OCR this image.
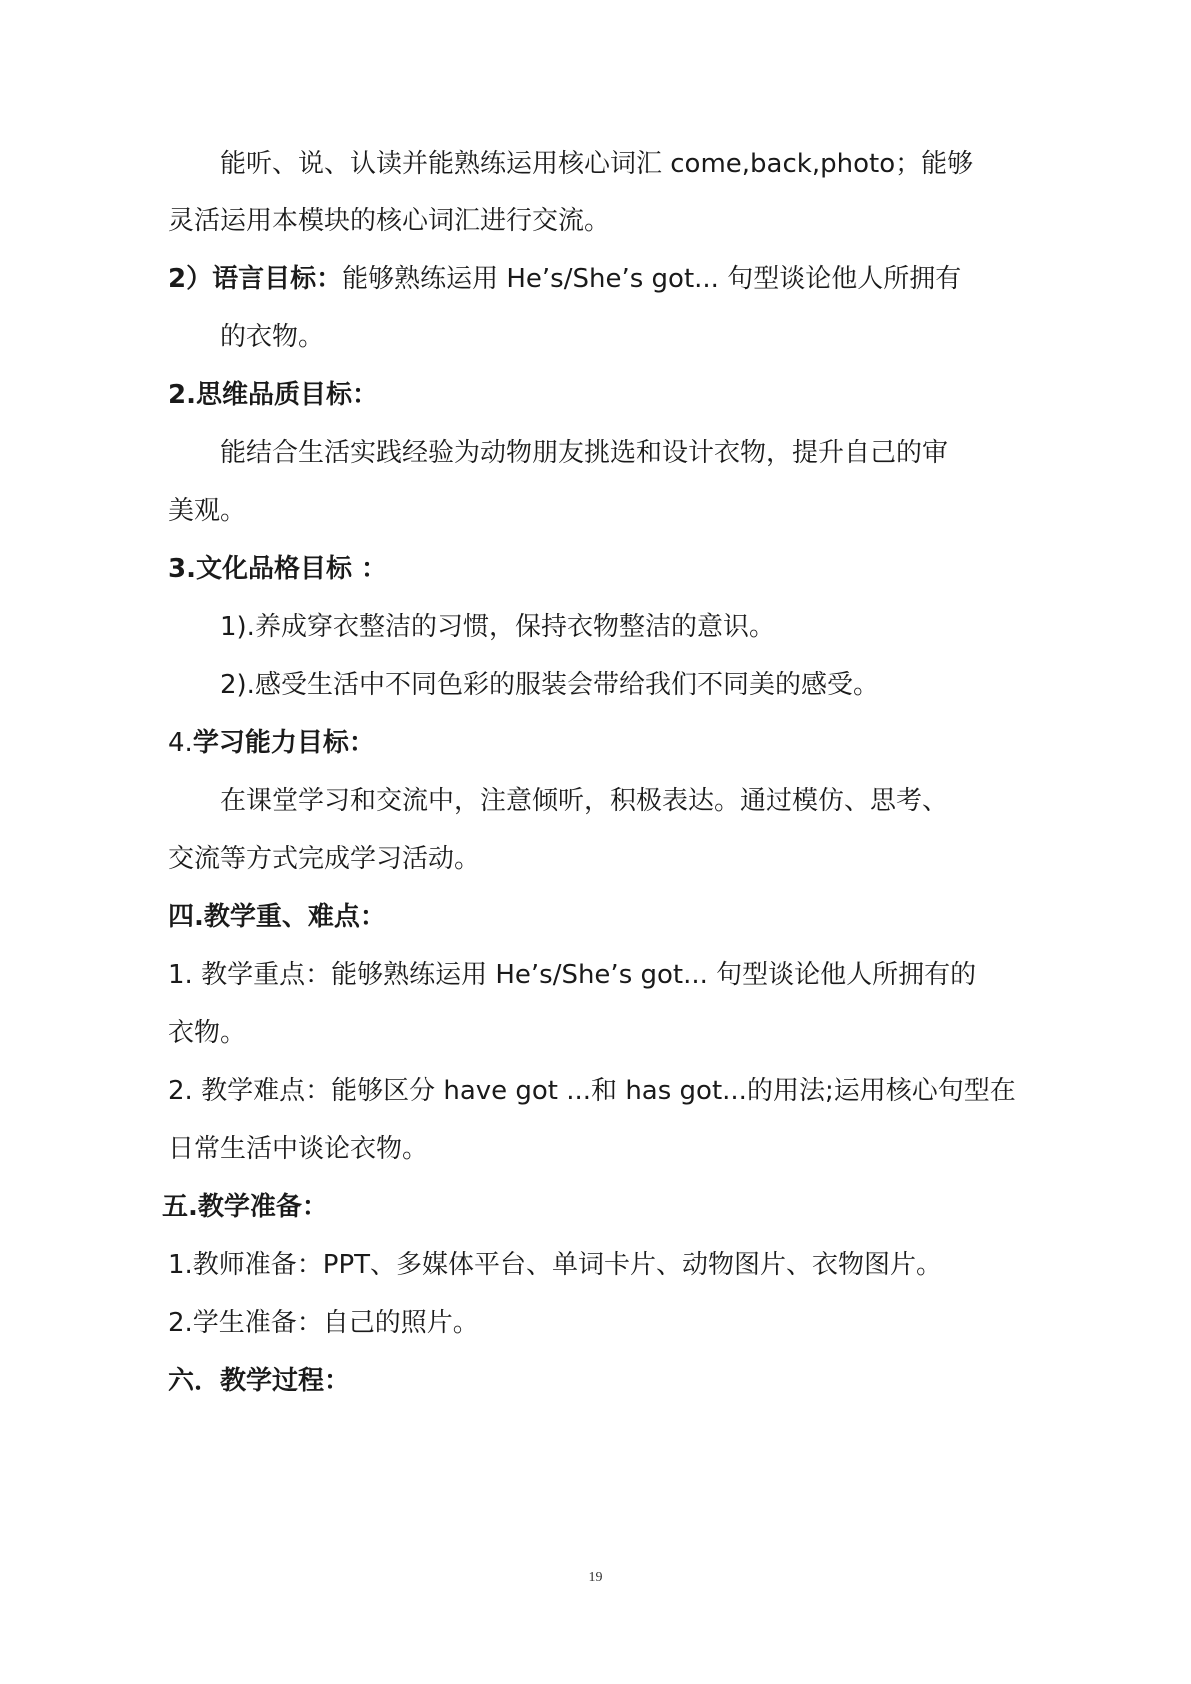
能听、说、认读并能熟练运用核心词汇 come,back,photo；能够
灵活运用本模块的核心词汇进行交流。
2）语言目标：能够熟练运用 He’s/She’s got... 句型谈论他人所拥有
的衣物。
2.思维品质目标：
能结合生活实践经验为动物朋友挑选和设计衣物，提升自己的审
美观。
3.文化品格目标 ：
1).养成穿衣整洁的习惯，保持衣物整洁的意识。
2).感受生活中不同色彩的服装会带给我们不同美的感受。
4.学习能力目标：
在课堂学习和交流中，注意倾听，积极表达。通过模仿、思考、
交流等方式完成学习活动。
四.教学重、难点：
1. 教学重点：能够熟练运用 He’s/She’s got... 句型谈论他人所拥有的
衣物。
2. 教学难点：能够区分 have got ...和 has got...的用法;运用核心句型在
日常生活中谈论衣物。
五.教学准备：
1.教师准备：PPT、多媒体平台、单词卡片、动物图片、衣物图片。
2.学生准备：自己的照片。
六．教学过程：
19
